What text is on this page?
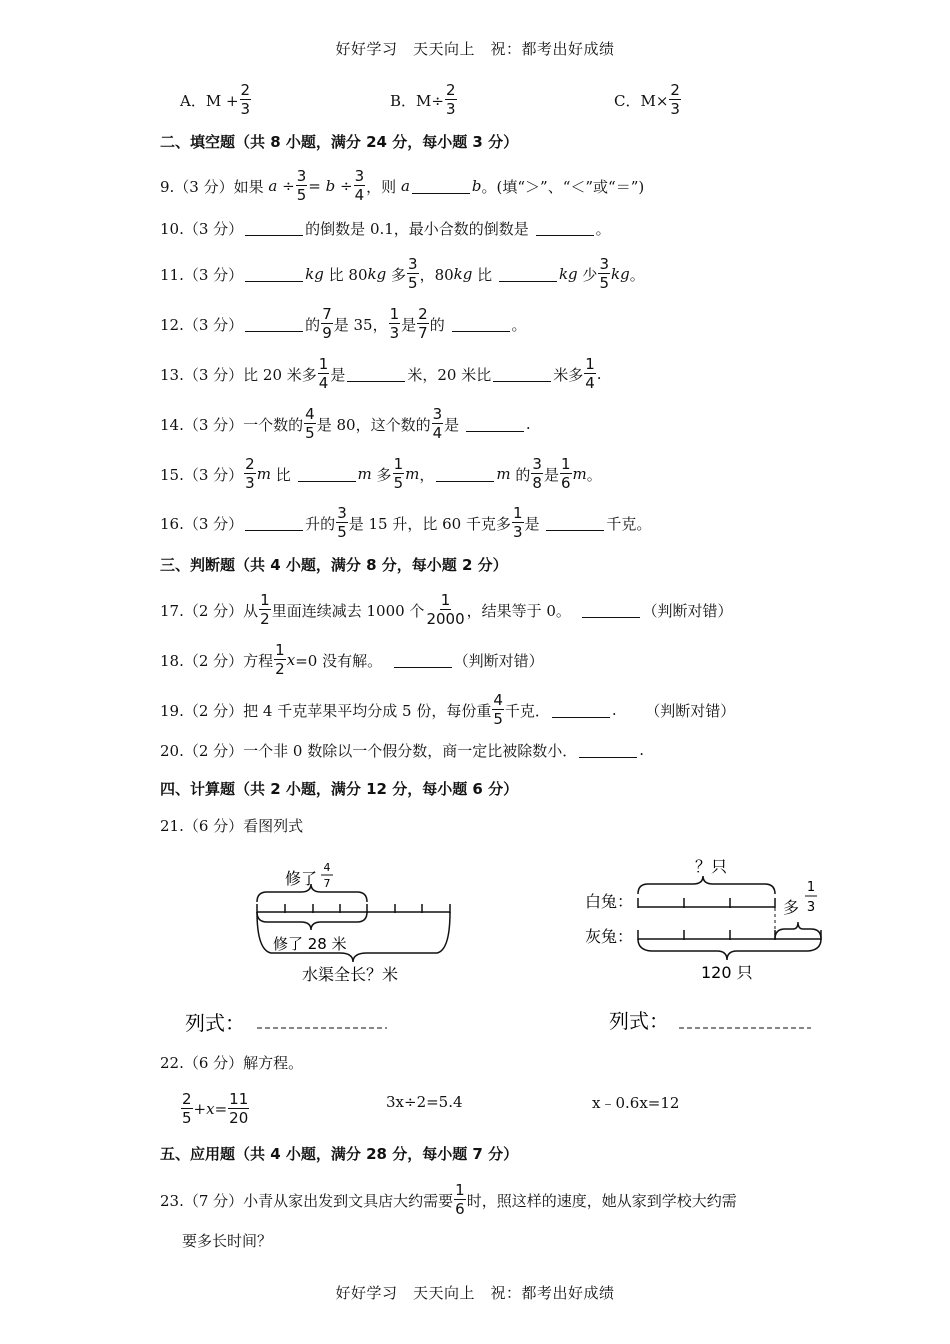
好好学习　天天向上　祝：都考出好成绩
A．$M + \frac{2}{3}$	B．$M\div \frac{2}{3}$	C．$M\times \frac{2}{3}$
二、填空题（共 8 小题，满分 24 分，每小题 3 分）
9.（3 分）如果
a
÷ $\frac{3}{5}$ =
b
÷ $\frac{3}{4}$ ，则
a	b 。(填“＞”、“＜”或“＝”)
10.（3 分）	的倒数是 0.1，最小合数的倒数是
	。
11.（3 分）	kg
比 80 kg
多
3
5 ，80 kg
比
	kg
少
3
5 kg 。
12.（3 分）	的
7
9 是 35，
1
3 是
2
7 的
	。
13.（3 分）比 20 米多
1
4 是	米，20 米比	米多
1
4 .
14.（3 分）一个数的
4
5 是 80，这个数的
3
4 是
	.
15.（3 分）
2
3 m
比
	m
多
1
5 m ，	m
的
3
8 是
1
6 m 。
16.（3 分）	升的
3
5 是 15 升，比 60 千克多
1
3 是
	千克。
三、判断题（共 4 小题，满分 8 分，每小题 2 分）
17.（2 分）从
1
2 里面连续减去 1000 个
1
2000 ，结果等于 0。
	（判断对错）
18.（2 分）方程
1
2 x =0 没有解。
	（判断对错）
19.（2 分）把 4 千克苹果平均分成 5 份，每份重
4
5 千克．	.
（判断对错）
20.（2 分）一个非 0 数除以一个假分数，商一定比被除数小．	.
四、计算题（共 2 小题，满分 12 分，每小题 6 分）
21.（6 分）看图列式
修了
4
7
修了 28 米
水渠全长？米
列式：
？只
白兔：	多
1
3
灰兔：
120 只
列式：
22.（6 分）解方程。
2
$5 + x = \frac{11}{20}$	3x÷2=5.4	x﹣0.6x=12
五、应用题（共 4 小题，满分 28 分，每小题 7 分）
23.（7 分）小青从家出发到文具店大约需要
1
6 时，照这样的速度，她从家到学校大约需
要多长时间？
好好学习　天天向上　祝：都考出好成绩
